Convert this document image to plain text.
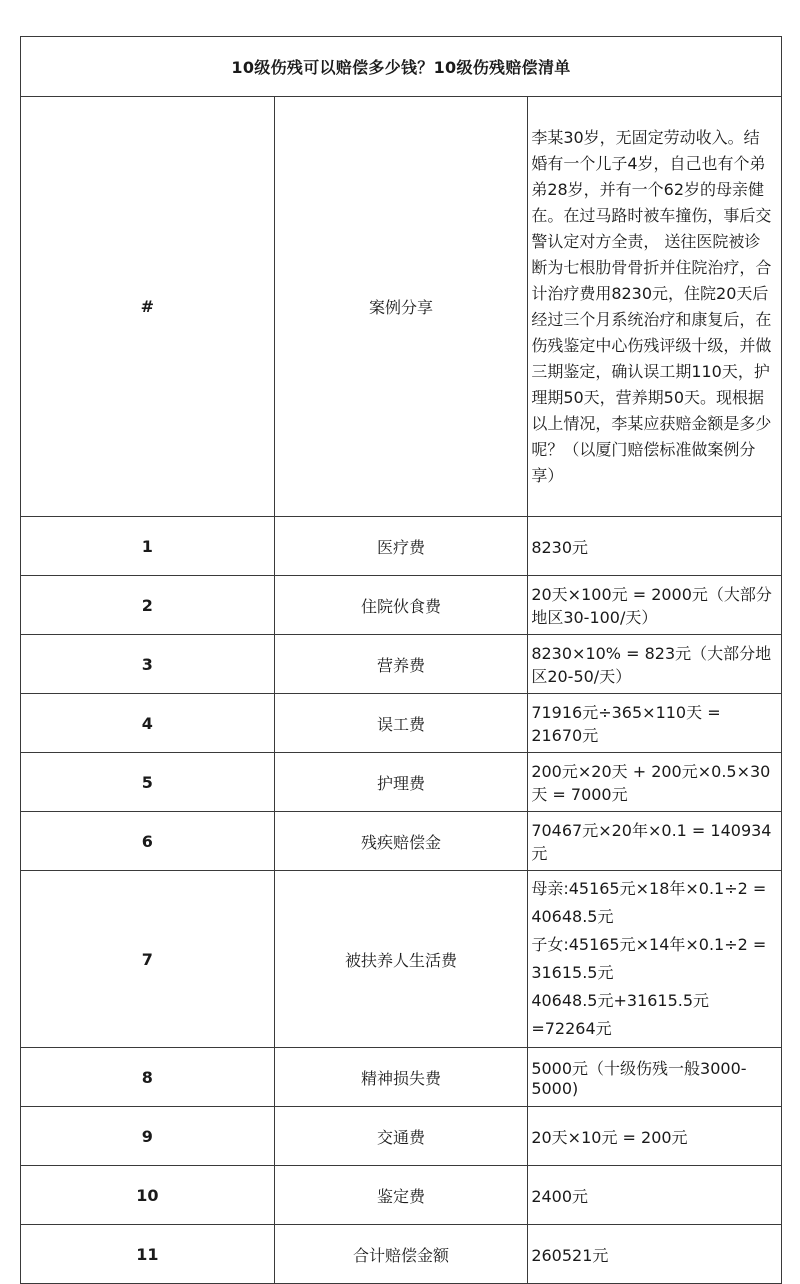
10级伤残可以赔偿多少钱？10级伤残赔偿清单		
#	案例分享	李某30岁，无固定劳动收入。结婚有一个儿子4岁，自己也有个弟弟28岁，并有一个62岁的母亲健在。在过马路时被车撞伤，事后交警认定对方全责， 送往医院被诊断为七根肋骨骨折并住院治疗，合计治疗费用8230元，住院20天后经过三个月系统治疗和康复后，在伤残鉴定中心伤残评级十级，并做三期鉴定，确认误工期110天，护理期50天，营养期50天。现根据以上情况，李某应获赔金额是多少呢？（以厦门赔偿标准做案例分享）
1	医疗费	8230元
2	住院伙食费	20天×100元 = 2000元（大部分地区30-100/天）
3	营养费	8230×10% = 823元（大部分地区20-50/天）
4	误工费	71916元÷365×110天 = 21670元
5	护理费	200元×20天 + 200元×0.5×30天 = 7000元
6	残疾赔偿金	70467元×20年×0.1 = 140934元
7	被扶养人生活费	母亲:45165元×18年×0.1÷2 = 40648.5元
子女:45165元×14年×0.1÷2 = 31615.5元
40648.5元+31615.5元 =72264元

8	精神损失费	5000元（十级伤残一般3000-5000)
9	交通费	20天×10元 = 200元
10	鉴定费	2400元
11	合计赔偿金额	260521元
